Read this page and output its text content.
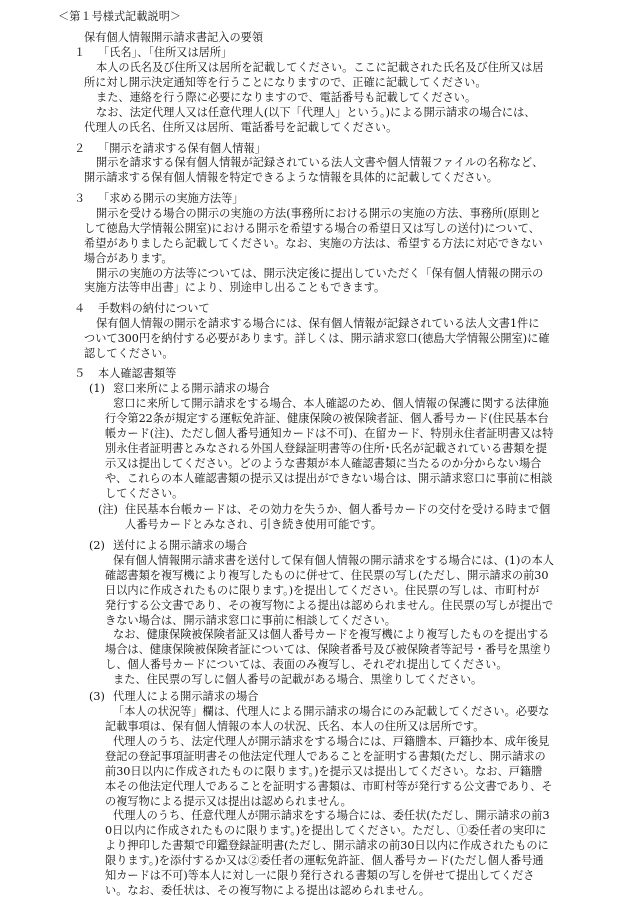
＜第１号様式記載説明＞
保有個人情報開示請求書記入の要領
１ 「氏名」、「住所又は居所」
本人の氏名及び住所又は居所を記載してください。ここに記載された氏名及び住所又は居
所に対し開示決定通知等を行うことになりますので、正確に記載してください。
また、連絡を行う際に必要になりますので、電話番号も記載してください。
なお、法定代理人又は任意代理人(以下「代理人」という。)による開示請求の場合には、
代理人の氏名、住所又は居所、電話番号を記載してください。
２ 「開示を請求する保有個人情報」
開示を請求する保有個人情報が記録されている法人文書や個人情報ファイルの名称など、
開示請求する保有個人情報を特定できるような情報を具体的に記載してください。
３ 「求める開示の実施方法等」
開示を受ける場合の開示の実施の方法(事務所における開示の実施の方法、事務所(原則と
して徳島大学情報公開室)における開示を希望する場合の希望日又は写しの送付)について、
希望がありましたら記載してください。なお、実施の方法は、希望する方法に対応できない
場合があります。
開示の実施の方法等については、開示決定後に提出していただく「保有個人情報の開示の
実施方法等申出書」により、別途申し出ることもできます。
４ 手数料の納付について
保有個人情報の開示を請求する場合には、保有個人情報が記録されている法人文書1件に
ついて300円を納付する必要があります。詳しくは、開示請求窓口(徳島大学情報公開室)に確
認してください。
５ 本人確認書類等
(1) 窓口来所による開示請求の場合
窓口に来所して開示請求をする場合、本人確認のため、個人情報の保護に関する法律施
行令第22条が規定する運転免許証、健康保険の被保険者証、個人番号カード(住民基本台
帳カード(注)、ただし個人番号通知カードは不可)、在留カード、特別永住者証明書又は特
別永住者証明書とみなされる外国人登録証明書等の住所･氏名が記載されている書類を提
示又は提出してください。どのような書類が本人確認書類に当たるのか分からない場合
や、これらの本人確認書類の提示又は提出ができない場合は、開示請求窓口に事前に相談
してください。
(注) 住民基本台帳カードは、その効力を失うか、個人番号カードの交付を受ける時まで個
人番号カードとみなされ、引き続き使用可能です。
(2) 送付による開示請求の場合
保有個人情報開示請求書を送付して保有個人情報の開示請求をする場合には、(1)の本人
確認書類を複写機により複写したものに併せて、住民票の写し(ただし、開示請求の前30
日以内に作成されたものに限ります。)を提出してください。住民票の写しは、市町村が
発行する公文書であり、その複写物による提出は認められません。住民票の写しが提出で
きない場合は、開示請求窓口に事前に相談してください。
なお、健康保険被保険者証又は個人番号カードを複写機により複写したものを提出する
場合は、健康保険被保険者証については、保険者番号及び被保険者等記号・番号を黒塗り
し、個人番号カードについては、表面のみ複写し、それぞれ提出してください。
また、住民票の写しに個人番号の記載がある場合、黒塗りしてください。
(3) 代理人による開示請求の場合
「本人の状況等」欄は、代理人による開示請求の場合にのみ記載してください。必要な
記載事項は、保有個人情報の本人の状況、氏名、本人の住所又は居所です。
代理人のうち、法定代理人が開示請求をする場合には、戸籍謄本、戸籍抄本、成年後見
登記の登記事項証明書その他法定代理人であることを証明する書類(ただし、開示請求の
前30日以内に作成されたものに限ります。)を提示又は提出してください。なお、戸籍謄
本その他法定代理人であることを証明する書類は、市町村等が発行する公文書であり、そ
の複写物による提示又は提出は認められません。
代理人のうち、任意代理人が開示請求をする場合には、委任状(ただし、開示請求の前3
0日以内に作成されたものに限ります。)を提出してください。ただし、①委任者の実印に
より押印した書類で印鑑登録証明書(ただし、開示請求の前30日以内に作成されたものに
限ります。)を添付するか又は②委任者の運転免許証、個人番号カード(ただし個人番号通
知カードは不可)等本人に対し一に限り発行される書類の写しを併せて提出してくださ
い。なお、委任状は、その複写物による提出は認められません。
